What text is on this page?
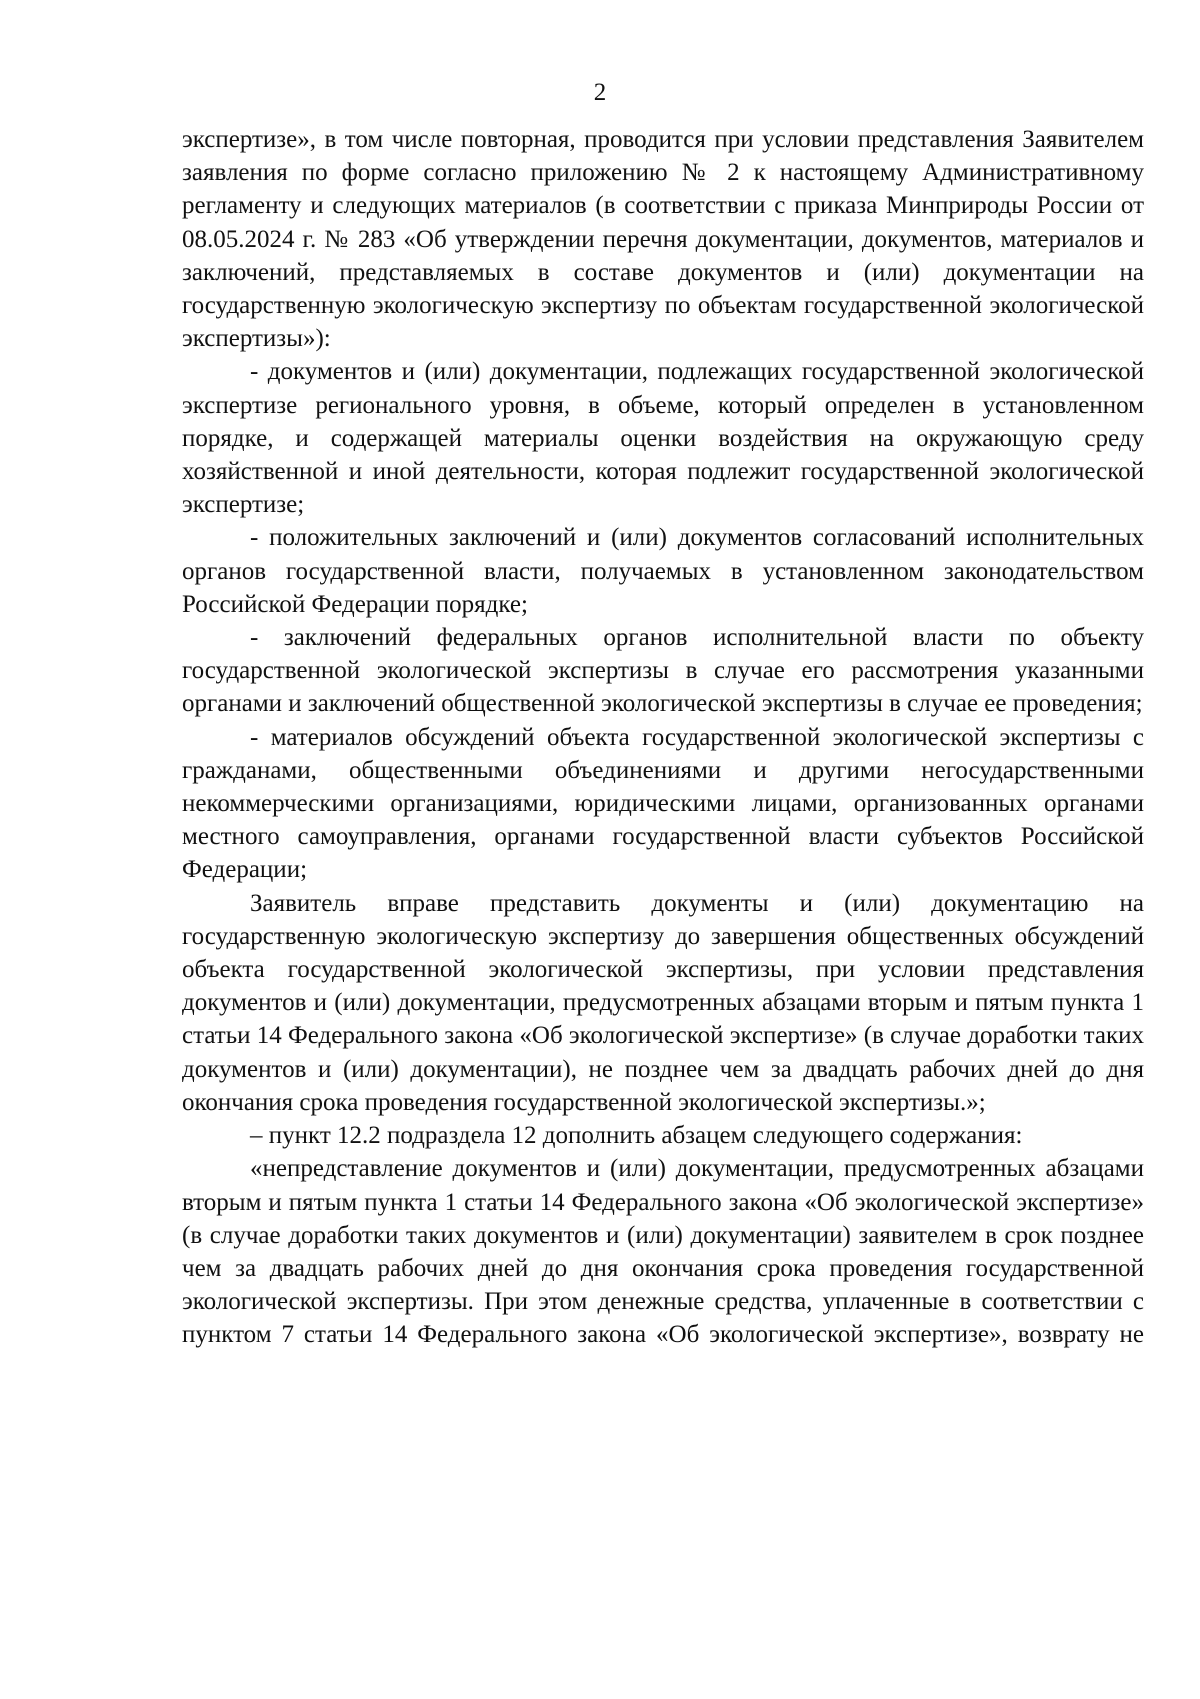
2

экспертизе», в том числе повторная, проводится при условии представления Заявителем заявления по форме согласно приложению № 2 к настоящему Административному регламенту и следующих материалов (в соответствии с приказа Минприроды России от 08.05.2024 г. № 283 «Об утверждении перечня документации, документов, материалов и заключений, представляемых в составе документов и (или) документации на государственную экологическую экспертизу по объектам государственной экологической экспертизы»):

- документов и (или) документации, подлежащих государственной экологической экспертизе регионального уровня, в объеме, который определен в установленном порядке, и содержащей материалы оценки воздействия на окружающую среду хозяйственной и иной деятельности, которая подлежит государственной экологической экспертизе;

- положительных заключений и (или) документов согласований исполнительных органов государственной власти, получаемых в установленном законодательством Российской Федерации порядке;

- заключений федеральных органов исполнительной власти по объекту государственной экологической экспертизы в случае его рассмотрения указанными органами и заключений общественной экологической экспертизы в случае ее проведения;

- материалов обсуждений объекта государственной экологической экспертизы с гражданами, общественными объединениями и другими негосударственными некоммерческими организациями, юридическими лицами, организованных органами местного самоуправления, органами государственной власти субъектов Российской Федерации;

Заявитель вправе представить документы и (или) документацию на государственную экологическую экспертизу до завершения общественных обсуждений объекта государственной экологической экспертизы, при условии представления документов и (или) документации, предусмотренных абзацами вторым и пятым пункта 1 статьи 14 Федерального закона «Об экологической экспертизе» (в случае доработки таких документов и (или) документации), не позднее чем за двадцать рабочих дней до дня окончания срока проведения государственной экологической экспертизы.»;

– пункт 12.2 подраздела 12 дополнить абзацем следующего содержания:

«непредставление документов и (или) документации, предусмотренных абзацами вторым и пятым пункта 1 статьи 14 Федерального закона «Об экологической экспертизе» (в случае доработки таких документов и (или) документации) заявителем в срок позднее чем за двадцать рабочих дней до дня окончания срока проведения государственной экологической экспертизы. При этом денежные средства, уплаченные в соответствии с пунктом 7 статьи 14 Федерального закона «Об экологической экспертизе», возврату не
